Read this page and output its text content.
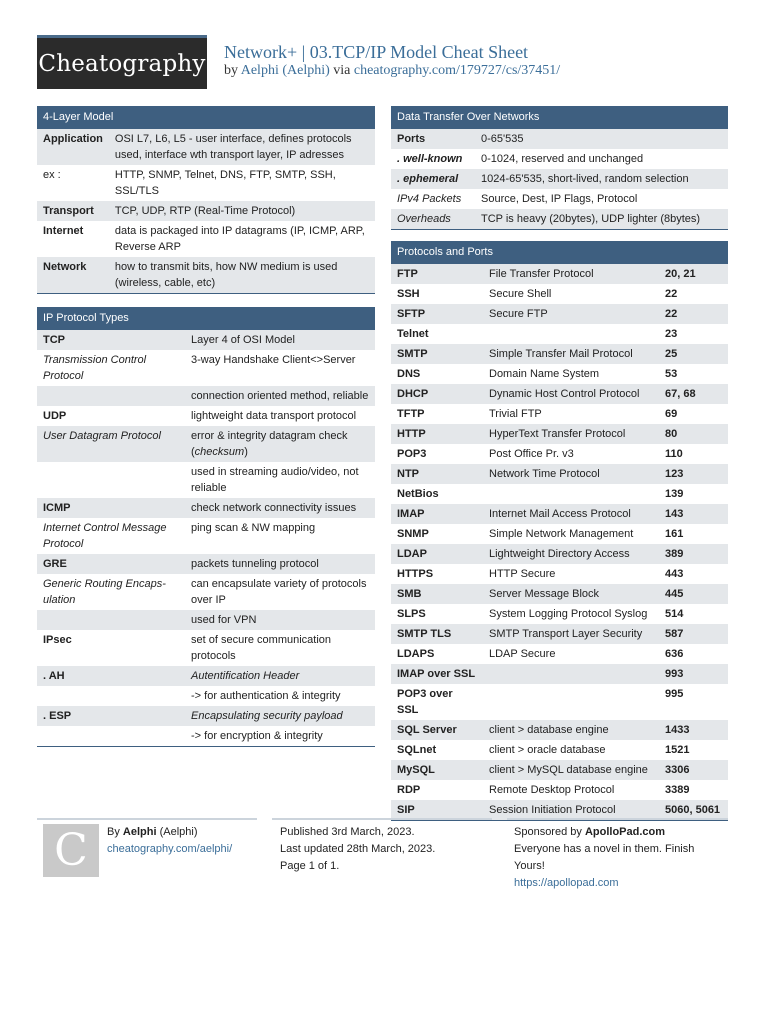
Cheatography Network+ | 03.TCP/IP Model Cheat Sheet
by Aelphi (Aelphi) via cheatography.com/179727/cs/37451/
4-Layer Model
Application	OSI L7, L6, L5 - user interface, defines protocols used, interface wth transport layer, IP adresses
ex :	HTTP, SNMP, Telnet, DNS, FTP, SMTP, SSH, SSL/TLS
Transport	TCP, UDP, RTP (Real-Time Protocol)
Internet	data is packaged into IP datagrams (IP, ICMP, ARP, Reverse ARP
Network	how to transmit bits, how NW medium is used (wireless, cable, etc)
IP Protocol Types
TCP	Layer 4 of OSI Model
Transmission Control Protocol	3-way Handshake Client<>Server
	connection oriented method, reliable
UDP	lightweight data transport protocol
User Datagram Protocol	error & integrity datagram check (checksum)
	used in streaming audio/video, not reliable
ICMP	check network connectivity issues
Internet Control Message Protocol	ping scan & NW mapping
GRE	packets tunneling protocol
Generic Routing Encaps-ulation	can encapsulate variety of protocols over IP
	used for VPN
IPsec	set of secure communication protocols
. AH	Autentification Header
	-> for authentication & integrity
. ESP	Encapsulating security payload
	-> for encryption & integrity
Data Transfer Over Networks
Ports	0-65'535
. well-known	0-1024, reserved and unchanged
. ephemeral	1024-65'535, short-lived, random selection
IPv4 Packets	Source, Dest, IP Flags, Protocol
Overheads	TCP is heavy (20bytes), UDP lighter (8bytes)
Protocols and Ports
FTP	File Transfer Protocol	20, 21
SSH	Secure Shell	22
SFTP	Secure FTP	22
Telnet		23
SMTP	Simple Transfer Mail Protocol	25
DNS	Domain Name System	53
DHCP	Dynamic Host Control Protocol	67, 68
TFTP	Trivial FTP	69
HTTP	HyperText Transfer Protocol	80
POP3	Post Office Pr. v3	110
NTP	Network Time Protocol	123
NetBios		139
IMAP	Internet Mail Access Protocol	143
SNMP	Simple Network Management	161
LDAP	Lightweight Directory Access	389
HTTPS	HTTP Secure	443
SMB	Server Message Block	445
SLPS	System Logging Protocol Syslog	514
SMTP TLS	SMTP Transport Layer Security	587
LDAPS	LDAP Secure	636
IMAP over SSL		993
POP3 over SSL		995
SQL Server	client > database engine	1433
SQLnet	client > oracle database	1521
MySQL	client > MySQL database engine	3306
RDP	Remote Desktop Protocol	3389
SIP	Session Initiation Protocol	5060, 5061
C	By Aelphi (Aelphi)
cheatography.com/aelphi/
Published 3rd March, 2023.
Last updated 28th March, 2023.
Page 1 of 1.
Sponsored by ApolloPad.com
Everyone has a novel in them. Finish Yours!
https://apollopad.com
